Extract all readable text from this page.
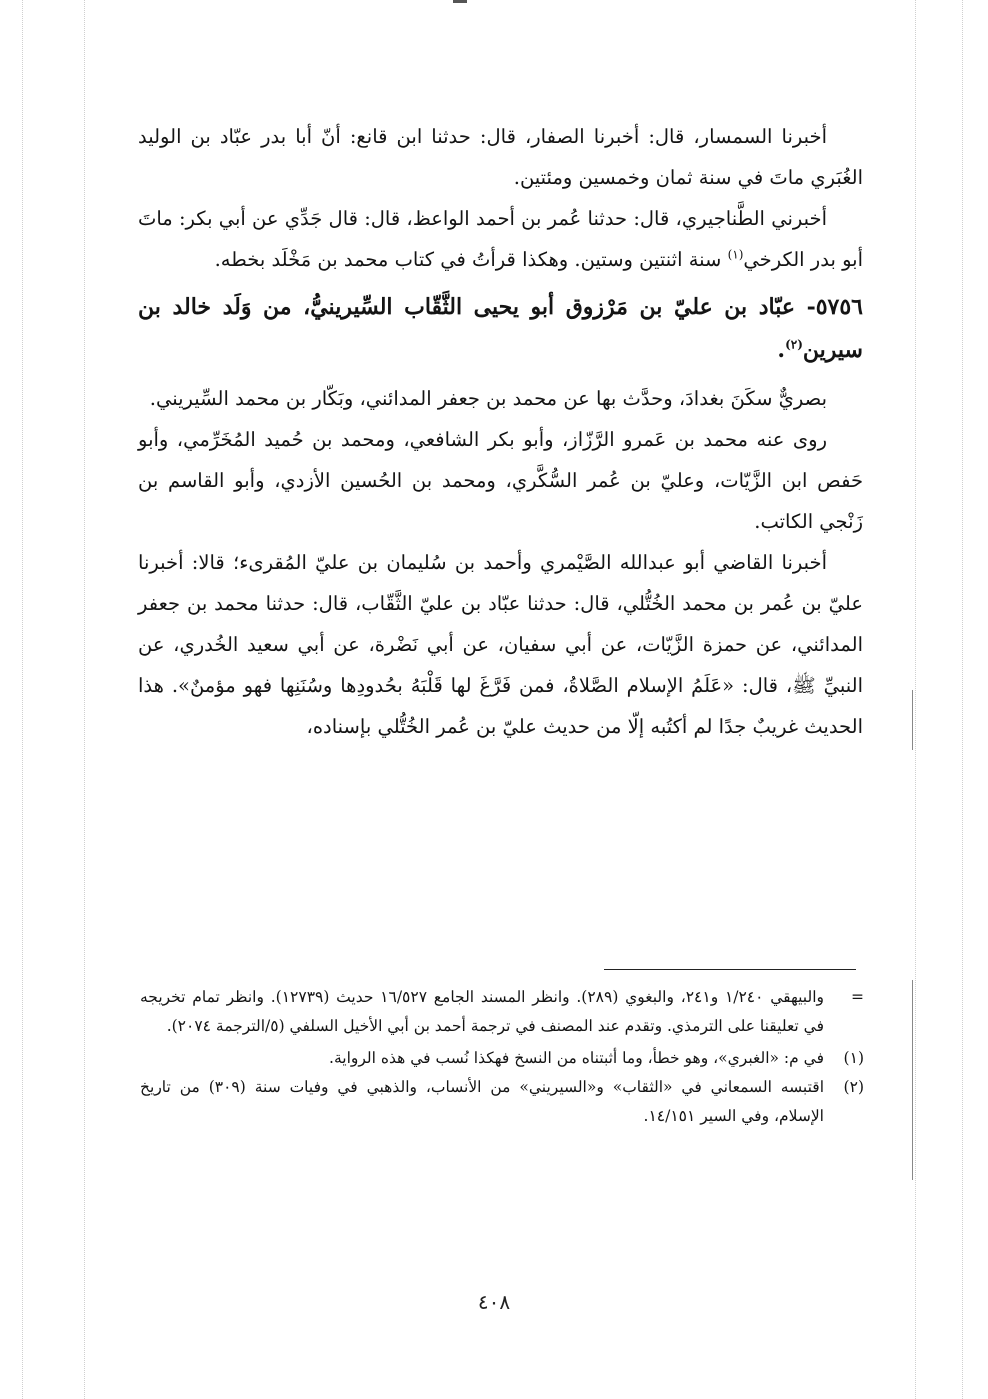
أخبرنا السمسار، قال: أخبرنا الصفار، قال: حدثنا ابن قانع: أنّ أبا بدر عبّاد بن الوليد الغُبَري ماتَ في سنة ثمان وخمسين ومئتين.

أخبرني الطَّناجيري، قال: حدثنا عُمر بن أحمد الواعظ، قال: قال جَدِّي عن أبي بكر: ماتَ أبو بدر الكرخي$^{(١)}$ سنة اثنتين وستين. وهكذا قرأتُ في كتاب محمد بن مَخْلَد بخطه.

٥٧٥٦- عبّاد بن عليّ بن مَرْزوق أبو يحيى الثَّقّاب السِّيرينيُّ، من وَلَد خالد بن سيرين$^{(٢)}$.

بصريٌّ سكَنَ بغدادَ، وحدَّث بها عن محمد بن جعفر المدائني، وبَكّار بن محمد السِّيريني.

روى عنه محمد بن عَمرو الرَّزّاز، وأبو بكر الشافعي، ومحمد بن حُميد المُخَرِّمي، وأبو حَفص ابن الزَّيّات، وعليّ بن عُمر السُّكَّري، ومحمد بن الحُسين الأزدي، وأبو القاسم بن زَنْجي الكاتب.

أخبرنا القاضي أبو عبدالله الصَّيْمري وأحمد بن سُليمان بن عليّ المُقرىء؛ قالا: أخبرنا عليّ بن عُمر بن محمد الخُتُّلي، قال: حدثنا عبّاد بن عليّ الثَّقّاب، قال: حدثنا محمد بن جعفر المدائني، عن حمزة الزَّيّات، عن أبي سفيان، عن أبي نَضْرة، عن أبي سعيد الخُدري، عن النبيِّ ﷺ، قال: «عَلَمُ الإسلام الصَّلاةُ، فمن فَرَّغَ لها قَلْبَهُ بحُدودِها وسُنَنِها فهو مؤمنٌ». هذا الحديث غريبٌ جدًا لم أكتُبه إلّا من حديث عليّ بن عُمر الخُتُّلي بإسناده،

=
والبيهقي ١/٢٤٠ و٢٤١، والبغوي (٢٨٩). وانظر المسند الجامع ١٦/٥٢٧ حديث (١٢٧٣٩). وانظر تمام تخريجه في تعليقنا على الترمذي. وتقدم عند المصنف في ترجمة أحمد بن أبي الأخيل السلفي (٥/الترجمة ٢٠٧٤).

(١)
في م: «الغبري»، وهو خطأ، وما أثبتناه من النسخ فهكذا نُسب في هذه الرواية.

(٢)
اقتبسه السمعاني في «الثقاب» و«السيريني» من الأنساب، والذهبي في وفيات سنة (٣٠٩) من تاريخ الإسلام، وفي السير ١٤/١٥١.

٤٠٨
